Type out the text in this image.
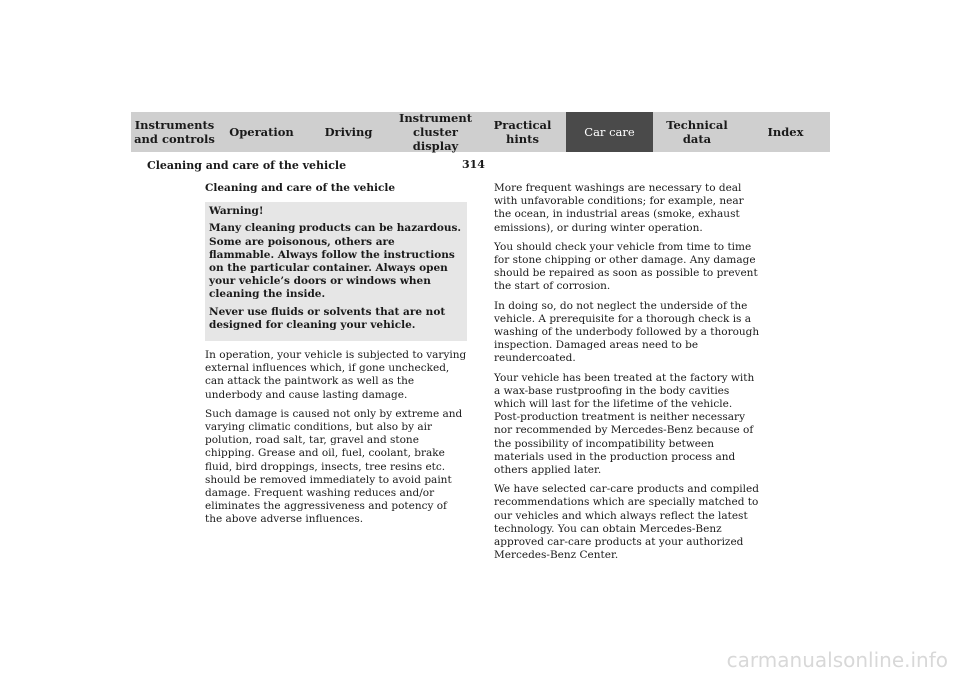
Instruments
and controls Operation	Driving
Instrument
cluster display
Practical hints	Car care	Technical
data	Index
314
Cleaning and care of the vehicle
Cleaning and care of the vehicle
Warning!

Many cleaning products can be hazardous. Some are poisonous, others are flammable. Always follow the instructions on the particular container. Always open your vehicle’s doors or windows when cleaning the inside.

Never use fluids or solvents that are not designed for cleaning your vehicle.

In operation, your vehicle is subjected to varying external influences which, if gone unchecked, can attack the paintwork as well as the underbody and cause lasting damage.

Such damage is caused not only by extreme and varying climatic conditions, but also by air polution, road salt, tar, gravel and stone chipping. Grease and oil, fuel, coolant, brake fluid, bird droppings, insects, tree resins etc. should be removed immediately to avoid paint damage. Frequent washing reduces and/or eliminates the aggressiveness and potency of the above adverse influences.

More frequent washings are necessary to deal with unfavorable conditions; for example, near the ocean, in industrial areas (smoke, exhaust emissions), or during winter operation.

You should check your vehicle from time to time for stone chipping or other damage. Any damage should be repaired as soon as possible to prevent the start of corrosion.

In doing so, do not neglect the underside of the vehicle. A prerequisite for a thorough check is a washing of the underbody followed by a thorough inspection. Damaged areas need to be reundercoated.

Your vehicle has been treated at the factory with a wax-base rustproofing in the body cavities which will last for the lifetime of the vehicle. Post-production treatment is neither necessary nor recommended by Mercedes-Benz because of the possibility of incompatibility between materials used in the production process and others applied later.

We have selected car-care products and compiled recommendations which are specially matched to our vehicles and which always reflect the latest technology. You can obtain Mercedes-Benz approved car-care products at your authorized Mercedes-Benz Center.

carmanualsonline.info
